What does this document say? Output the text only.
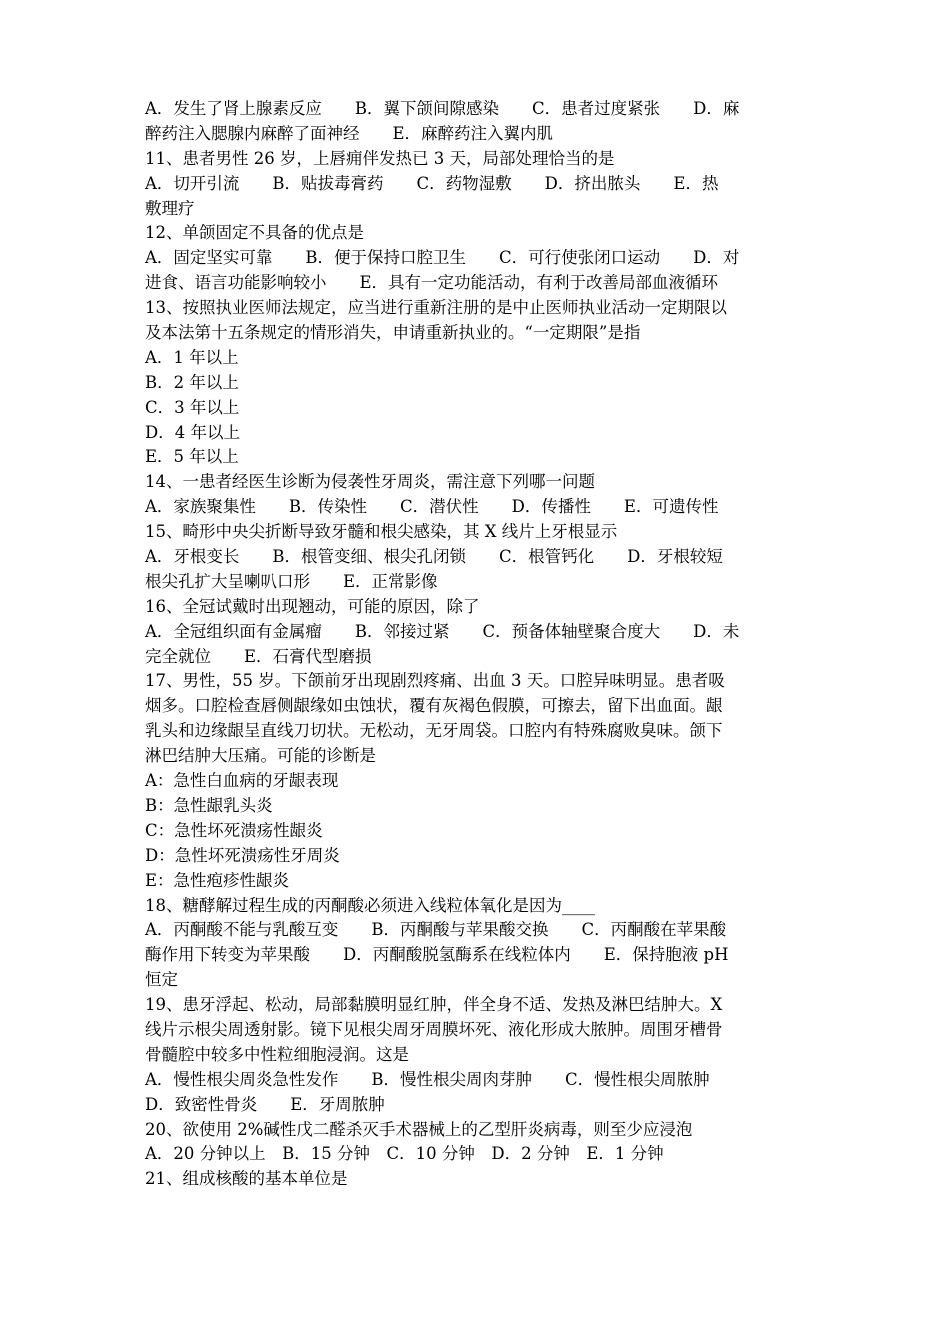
A．发生了肾上腺素反应　　B．翼下颌间隙感染　　C．患者过度紧张　　D．麻
醉药注入腮腺内麻醉了面神经　　E．麻醉药注入翼内肌
11、患者男性 26 岁，上唇痈伴发热已 3 天，局部处理恰当的是
A．切开引流　　B．贴拔毒膏药　　C．药物湿敷　　D．挤出脓头　　E．热
敷理疗
12、单颌固定不具备的优点是
A．固定坚实可靠　　B．便于保持口腔卫生　　C．可行使张闭口运动　　D．对
进食、语言功能影响较小　　E．具有一定功能活动，有利于改善局部血液循环
13、按照执业医师法规定，应当进行重新注册的是中止医师执业活动一定期限以
及本法第十五条规定的情形消失，申请重新执业的。“一定期限”是指
A．1 年以上
B．2 年以上
C．3 年以上
D．4 年以上
E．5 年以上
14、一患者经医生诊断为侵袭性牙周炎，需注意下列哪一问题
A．家族聚集性　　B．传染性　　C．潜伏性　　D．传播性　　E．可遗传性
15、畸形中央尖折断导致牙髓和根尖感染，其 X 线片上牙根显示
A．牙根变长　　B．根管变细、根尖孔闭锁　　C．根管钙化　　D．牙根较短
根尖孔扩大呈喇叭口形　　E．正常影像
16、全冠试戴时出现翘动，可能的原因，除了
A．全冠组织面有金属瘤　　B．邻接过紧　　C．预备体轴壁聚合度大　　D．未
完全就位　　E．石膏代型磨损
17、男性，55 岁。下颌前牙出现剧烈疼痛、出血 3 天。口腔异味明显。患者吸
烟多。口腔检查唇侧龈缘如虫蚀状，覆有灰褐色假膜，可擦去，留下出血面。龈
乳头和边缘龈呈直线刀切状。无松动，无牙周袋。口腔内有特殊腐败臭味。颌下
淋巴结肿大压痛。可能的诊断是
A：急性白血病的牙龈表现
B：急性龈乳头炎
C：急性坏死溃疡性龈炎
D：急性坏死溃疡性牙周炎
E：急性疱疹性龈炎
18、糖酵解过程生成的丙酮酸必须进入线粒体氧化是因为____
A．丙酮酸不能与乳酸互变　　B．丙酮酸与苹果酸交换　　C．丙酮酸在苹果酸
酶作用下转变为苹果酸　　D．丙酮酸脱氢酶系在线粒体内　　E．保持胞液 pH
恒定
19、患牙浮起、松动，局部黏膜明显红肿，伴全身不适、发热及淋巴结肿大。X
线片示根尖周透射影。镜下见根尖周牙周膜坏死、液化形成大脓肿。周围牙槽骨
骨髓腔中较多中性粒细胞浸润。这是
A．慢性根尖周炎急性发作　　B．慢性根尖周肉芽肿　　C．慢性根尖周脓肿
D．致密性骨炎　　E．牙周脓肿
20、欲使用 2%碱性戊二醛杀灭手术器械上的乙型肝炎病毒，则至少应浸泡
A．20 分钟以上　B．15 分钟　C．10 分钟　D．2 分钟　E．1 分钟
21、组成核酸的基本单位是
